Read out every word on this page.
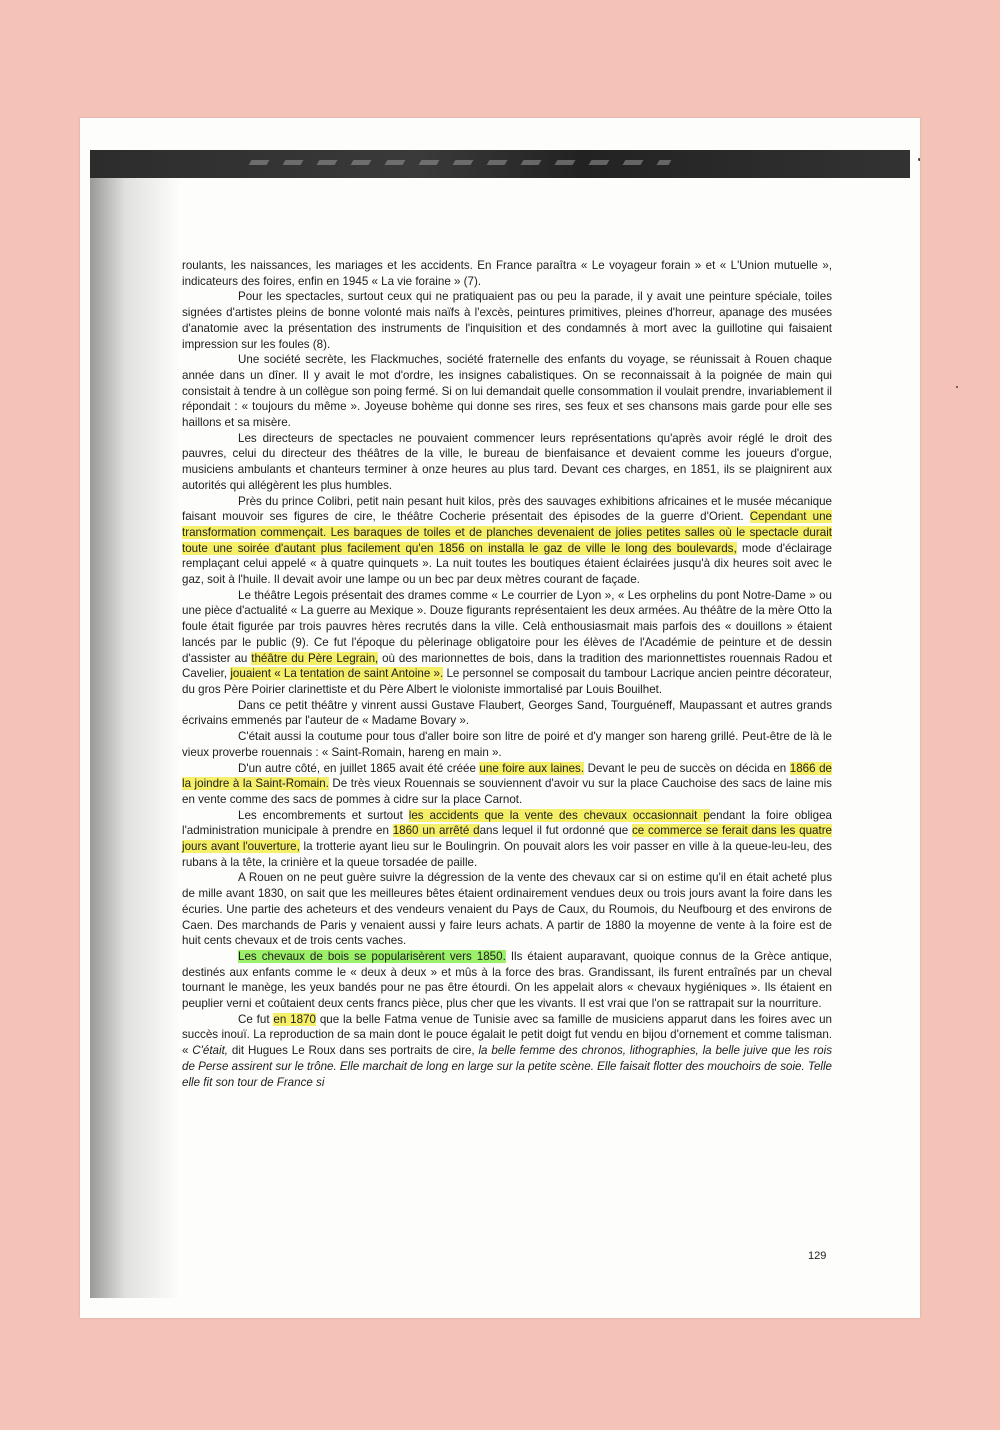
roulants, les naissances, les mariages et les accidents. En France paraîtra « Le voyageur forain » et « L'Union mutuelle », indicateurs des foires, enfin en 1945 « La vie foraine » (7).

Pour les spectacles, surtout ceux qui ne pratiquaient pas ou peu la parade, il y avait une peinture spéciale, toiles signées d'artistes pleins de bonne volonté mais naïfs à l'excès, peintures primitives, pleines d'horreur, apanage des musées d'anatomie avec la présentation des instruments de l'inquisition et des condamnés à mort avec la guillotine qui faisaient impression sur les foules (8).

Une société secrète, les Flackmuches, société fraternelle des enfants du voyage, se réunissait à Rouen chaque année dans un dîner. Il y avait le mot d'ordre, les insignes cabalistiques. On se reconnaissait à la poignée de main qui consistait à tendre à un collègue son poing fermé. Si on lui demandait quelle consommation il voulait prendre, invariablement il répondait : « toujours du même ». Joyeuse bohème qui donne ses rires, ses feux et ses chansons mais garde pour elle ses haillons et sa misère.

Les directeurs de spectacles ne pouvaient commencer leurs représentations qu'après avoir réglé le droit des pauvres, celui du directeur des théâtres de la ville, le bureau de bienfaisance et devaient comme les joueurs d'orgue, musiciens ambulants et chanteurs terminer à onze heures au plus tard. Devant ces charges, en 1851, ils se plaignirent aux autorités qui allégèrent les plus humbles.

Près du prince Colibri, petit nain pesant huit kilos, près des sauvages exhibitions africaines et le musée mécanique faisant mouvoir ses figures de cire, le théâtre Cocherie présentait des épisodes de la guerre d'Orient. Cependant une transformation commençait. Les baraques de toiles et de planches devenaient de jolies petites salles où le spectacle durait toute une soirée d'autant plus facilement qu'en 1856 on installa le gaz de ville le long des boulevards, mode d'éclairage remplaçant celui appelé « à quatre quinquets ». La nuit toutes les boutiques étaient éclairées jusqu'à dix heures soit avec le gaz, soit à l'huile. Il devait avoir une lampe ou un bec par deux mètres courant de façade.

Le théâtre Legois présentait des drames comme « Le courrier de Lyon », « Les orphelins du pont Notre-Dame » ou une pièce d'actualité « La guerre au Mexique ». Douze figurants représentaient les deux armées. Au théâtre de la mère Otto la foule était figurée par trois pauvres hères recrutés dans la ville. Celà enthousiasmait mais parfois des « douillons » étaient lancés par le public (9). Ce fut l'époque du pèlerinage obligatoire pour les élèves de l'Académie de peinture et de dessin d'assister au théâtre du Père Legrain, où des marionnettes de bois, dans la tradition des marionnettistes rouennais Radou et Cavelier, jouaient « La tentation de saint Antoine ». Le personnel se composait du tambour Lacrique ancien peintre décorateur, du gros Père Poirier clarinettiste et du Père Albert le violoniste immortalisé par Louis Bouilhet.

Dans ce petit théâtre y vinrent aussi Gustave Flaubert, Georges Sand, Tourguéneff, Maupassant et autres grands écrivains emmenés par l'auteur de « Madame Bovary ».

C'était aussi la coutume pour tous d'aller boire son litre de poiré et d'y manger son hareng grillé. Peut-être de là le vieux proverbe rouennais : « Saint-Romain, hareng en main ».

D'un autre côté, en juillet 1865 avait été créée une foire aux laines. Devant le peu de succès on décida en 1866 de la joindre à la Saint-Romain. De très vieux Rouennais se souviennent d'avoir vu sur la place Cauchoise des sacs de laine mis en vente comme des sacs de pommes à cidre sur la place Carnot.

Les encombrements et surtout les accidents que la vente des chevaux occasionnait pendant la foire obligea l'administration municipale à prendre en 1860 un arrêté dans lequel il fut ordonné que ce commerce se ferait dans les quatre jours avant l'ouverture, la trotterie ayant lieu sur le Boulingrin. On pouvait alors les voir passer en ville à la queue-leu-leu, des rubans à la tête, la crinière et la queue torsadée de paille.

A Rouen on ne peut guère suivre la dégression de la vente des chevaux car si on estime qu'il en était acheté plus de mille avant 1830, on sait que les meilleures bêtes étaient ordinairement vendues deux ou trois jours avant la foire dans les écuries. Une partie des acheteurs et des vendeurs venaient du Pays de Caux, du Roumois, du Neufbourg et des environs de Caen. Des marchands de Paris y venaient aussi y faire leurs achats. A partir de 1880 la moyenne de vente à la foire est de huit cents chevaux et de trois cents vaches.

Les chevaux de bois se popularisèrent vers 1850. Ils étaient auparavant, quoique connus de la Grèce antique, destinés aux enfants comme le « deux à deux » et mûs à la force des bras. Grandissant, ils furent entraînés par un cheval tournant le manège, les yeux bandés pour ne pas être étourdi. On les appelait alors « chevaux hygiéniques ». Ils étaient en peuplier verni et coûtaient deux cents francs pièce, plus cher que les vivants. Il est vrai que l'on se rattrapait sur la nourriture.

Ce fut en 1870 que la belle Fatma venue de Tunisie avec sa famille de musiciens apparut dans les foires avec un succès inouï. La reproduction de sa main dont le pouce égalait le petit doigt fut vendu en bijou d'ornement et comme talisman. « C'était, dit Hugues Le Roux dans ses portraits de cire, la belle femme des chronos, lithographies, la belle juive que les rois de Perse assirent sur le trône. Elle marchait de long en large sur la petite scène. Elle faisait flotter des mouchoirs de soie. Telle elle fit son tour de France si

129
